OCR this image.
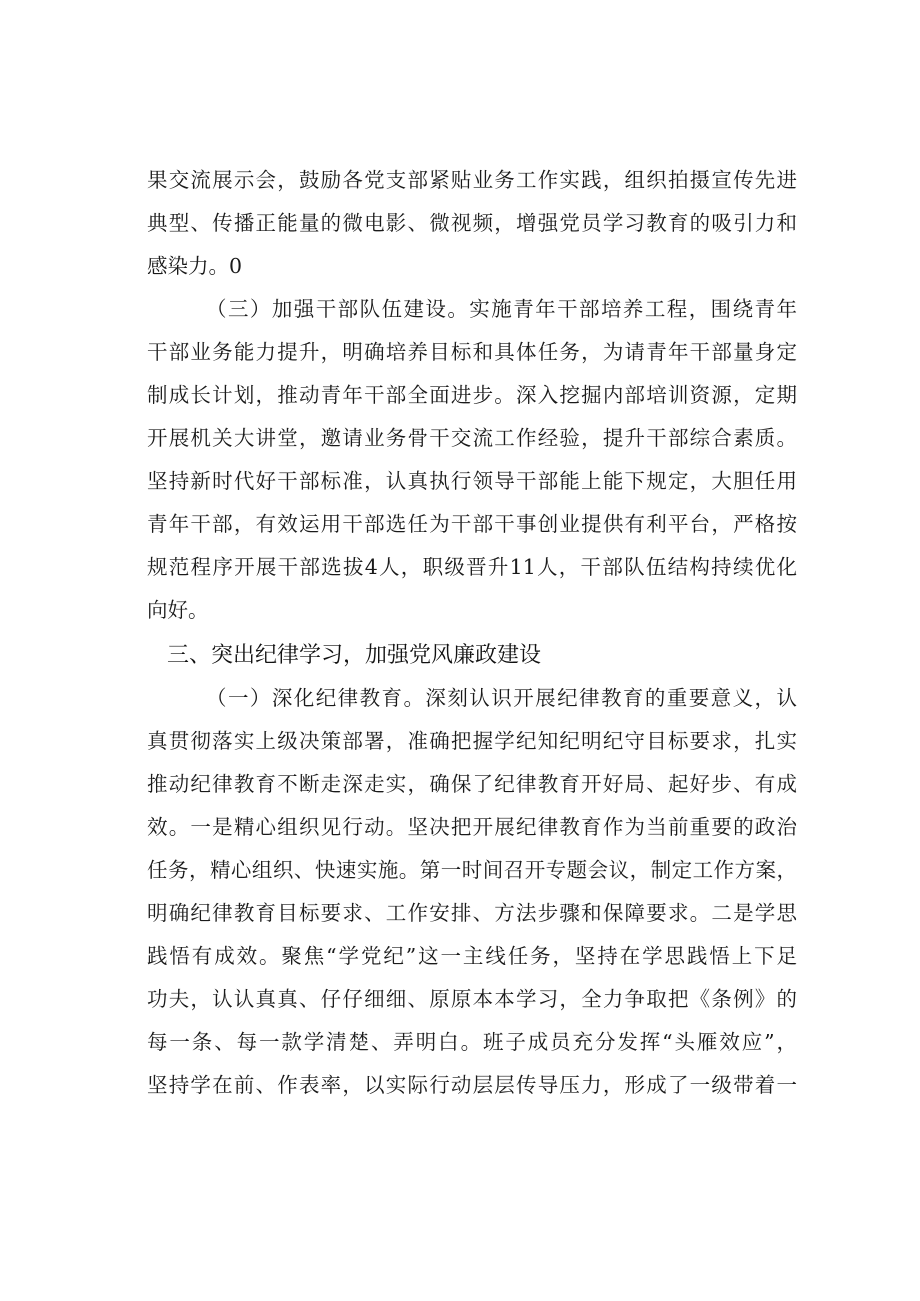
果交流展示会，鼓励各党支部紧贴业务工作实践，组织拍摄宣传先进
典型、传播正能量的微电影、微视频，增强党员学习教育的吸引力和
感染力。0
（三）加强干部队伍建设。实施青年干部培养工程，围绕青年
干部业务能力提升，明确培养目标和具体任务，为请青年干部量身定
制成长计划，推动青年干部全面进步。深入挖掘内部培训资源，定期
开展机关大讲堂，邀请业务骨干交流工作经验，提升干部综合素质。
坚持新时代好干部标准，认真执行领导干部能上能下规定，大胆任用
青年干部，有效运用干部选任为干部干事创业提供有利平台，严格按
规范程序开展干部选拔4人，职级晋升11人，干部队伍结构持续优化
向好。
三、突出纪律学习，加强党风廉政建设
（一）深化纪律教育。深刻认识开展纪律教育的重要意义，认
真贯彻落实上级决策部署，准确把握学纪知纪明纪守目标要求，扎实
推动纪律教育不断走深走实，确保了纪律教育开好局、起好步、有成
效。一是精心组织见行动。坚决把开展纪律教育作为当前重要的政治
任务，精心组织、快速实施。第一时间召开专题会议，制定工作方案，
明确纪律教育目标要求、工作安排、方法步骤和保障要求。二是学思
践悟有成效。聚焦“学党纪”这一主线任务，坚持在学思践悟上下足
功夫，认认真真、仔仔细细、原原本本学习，全力争取把《条例》的
每一条、每一款学清楚、弄明白。班子成员充分发挥“头雁效应”，
坚持学在前、作表率，以实际行动层层传导压力，形成了一级带着一
